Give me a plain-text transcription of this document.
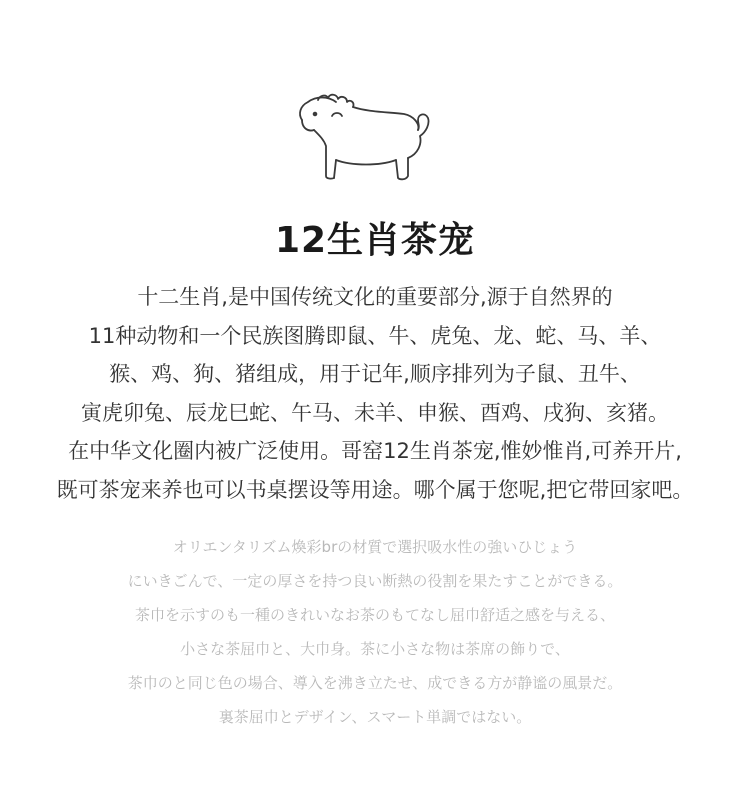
12生肖茶宠
十二生肖,是中国传统文化的重要部分,源于自然界的
11种动物和一个民族图腾即鼠、牛、虎兔、龙、蛇、马、羊、
猴、鸡、狗、猪组成，用于记年,顺序排列为子鼠、丑牛、
寅虎卯兔、辰龙巳蛇、午马、未羊、申猴、酉鸡、戌狗、亥猪。
在中华文化圈内被广泛使用。哥窑12生肖茶宠,惟妙惟肖,可养开片,
既可茶宠来养也可以书桌摆设等用途。哪个属于您呢,把它带回家吧。
オリエンタリズム煥彩brの材質で選択吸水性の強いひじょう
にいきごんで、一定の厚さを持つ良い断熱の役割を果たすことができる。
茶巾を示すのも一種のきれいなお茶のもてなし屈巾舒适之感を与える、
小さな茶屈巾と、大巾身。茶に小さな物は茶席の飾りで、
茶巾のと同じ色の場合、導入を沸き立たせ、成できる方が静谧の風景だ。
裏茶屈巾とデザイン、スマート単調ではない。
